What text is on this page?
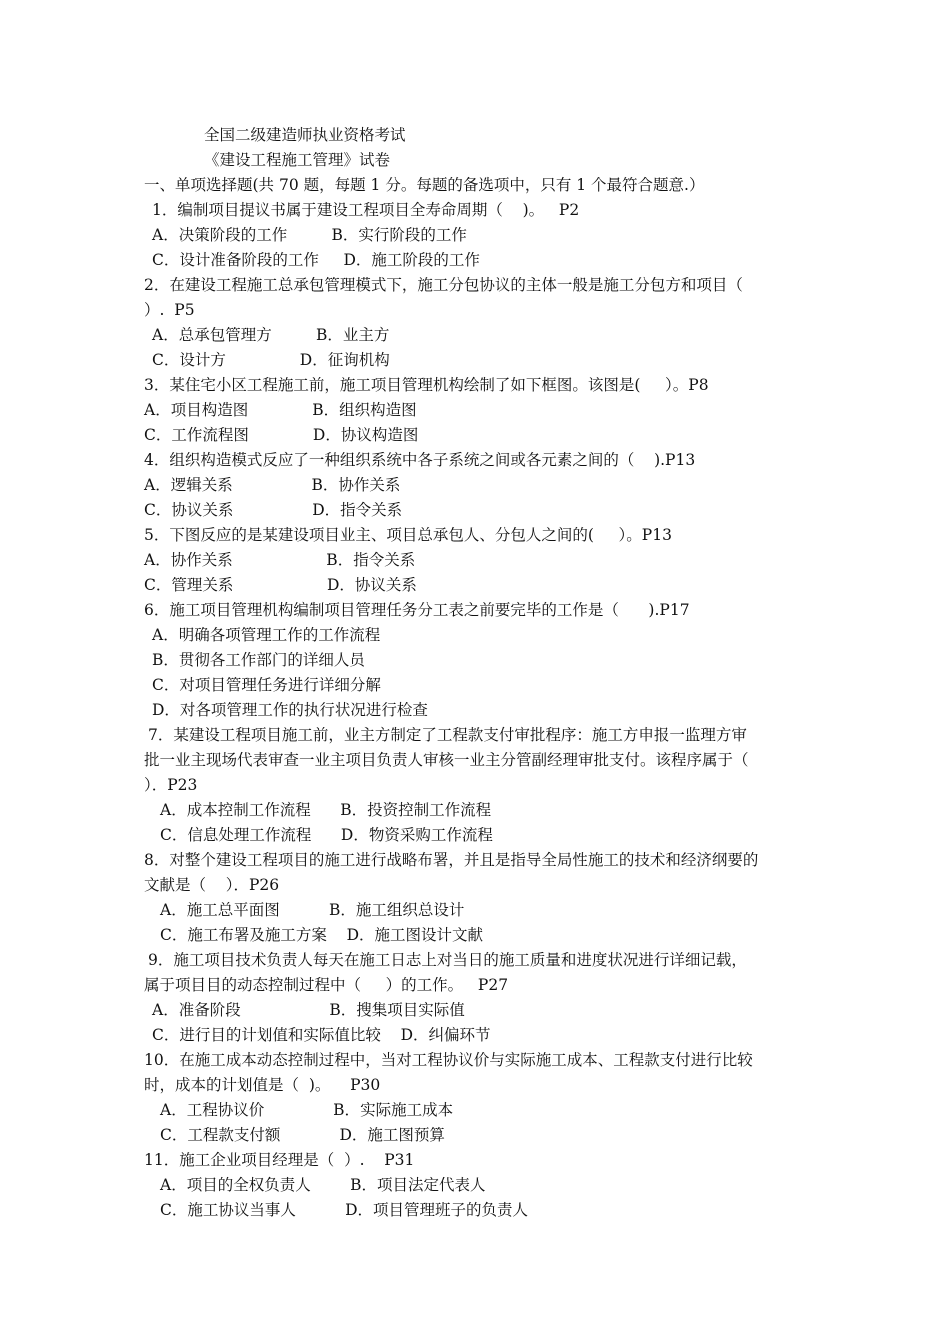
全国二级建造师执业资格考试
《建设工程施工管理》试卷
一、单项选择题(共 70 题，每题 1 分。每题的备选项中，只有 1 个最符合题意.）
1．编制项目提议书属于建设工程项目全寿命周期（    )。   P2
A．决策阶段的工作         B．实行阶段的工作
C．设计准备阶段的工作     D．施工阶段的工作
2．在建设工程施工总承包管理模式下，施工分包协议的主体一般是施工分包方和项目（
）.  P5
A．总承包管理方         B．业主方
C．设计方               D．征询机构
3．某住宅小区工程施工前，施工项目管理机构绘制了如下框图。该图是(     ）。P8
A．项目构造图             B．组织构造图
C．工作流程图             D．协议构造图
4．组织构造模式反应了一种组织系统中各子系统之间或各元素之间的（    ).P13
A．逻辑关系                B．协作关系
C．协议关系                D．指令关系
5．下图反应的是某建设项目业主、项目总承包人、分包人之间的(     ）。P13
A．协作关系                   B．指令关系
C．管理关系                   D．协议关系
6．施工项目管理机构编制项目管理任务分工表之前要完毕的工作是（      ).P17
A．明确各项管理工作的工作流程
B．贯彻各工作部门的详细人员
C．对项目管理任务进行详细分解
D．对各项管理工作的执行状况进行检查
7．某建设工程项目施工前，业主方制定了工程款支付审批程序：施工方申报一监理方审
批一业主现场代表审查一业主项目负责人审核一业主分管副经理审批支付。该程序属于（
）．P23
A．成本控制工作流程      B．投资控制工作流程
C．信息处理工作流程      D．物资采购工作流程
8．对整个建设工程项目的施工进行战略布署，并且是指导全局性施工的技术和经济纲要的
文献是（    ）．P26
A．施工总平面图          B．施工组织总设计
C．施工布署及施工方案    D．施工图设计文献
9．施工项目技术负责人每天在施工日志上对当日的施工质量和进度状况进行详细记载，
属于项目目的动态控制过程中（     ）的工作。   P27
A．准备阶段                  B．搜集项目实际值
C．进行目的计划值和实际值比较    D．纠偏环节
10．在施工成本动态控制过程中，当对工程协议价与实际施工成本、工程款支付进行比较
时，成本的计划值是（  )。    P30
A．工程协议价              B．实际施工成本
C．工程款支付额            D．施工图预算
11．施工企业项目经理是（  ）.    P31
A．项目的全权负责人        B．项目法定代表人
C．施工协议当事人          D．项目管理班子的负责人
